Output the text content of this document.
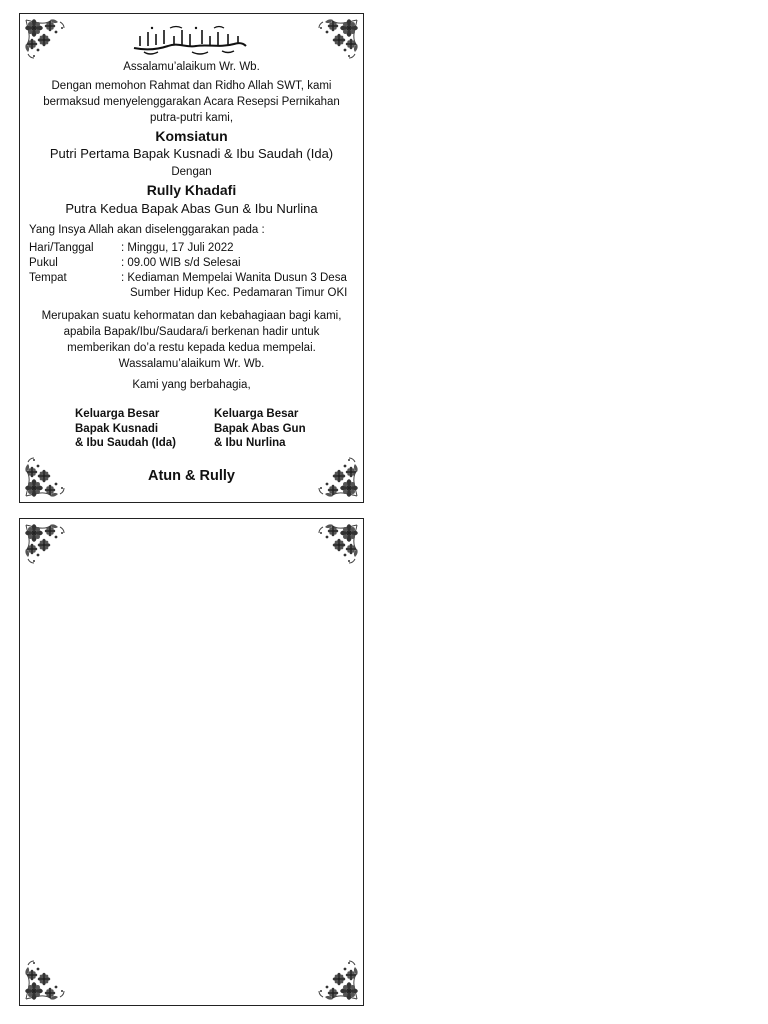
Assalamu’alaikum Wr. Wb.
Dengan memohon Rahmat dan Ridho Allah SWT, kami
bermaksud menyelenggarakan Acara Resepsi Pernikahan
putra-putri kami,
Komsiatun
Putri Pertama Bapak Kusnadi & Ibu Saudah (Ida)
Dengan
Rully Khadafi
Putra Kedua Bapak Abas Gun & Ibu Nurlina
Yang Insya Allah akan diselenggarakan pada :
Hari/Tanggal	: Minggu, 17 Juli 2022
Pukul	: 09.00 WIB s/d Selesai
Tempat	: Kediaman Mempelai Wanita Dusun 3 Desa
Sumber Hidup Kec. Pedamaran Timur OKI
Merupakan suatu kehormatan dan kebahagiaan bagi kami,
apabila Bapak/Ibu/Saudara/i berkenan hadir untuk
memberikan do’a restu kepada kedua mempelai.
Wassalamu’alaikum Wr. Wb.
Kami yang berbahagia,
Keluarga Besar
Bapak Kusnadi
& Ibu Saudah (Ida)
Keluarga Besar
Bapak Abas Gun
& Ibu Nurlina
Atun & Rully
